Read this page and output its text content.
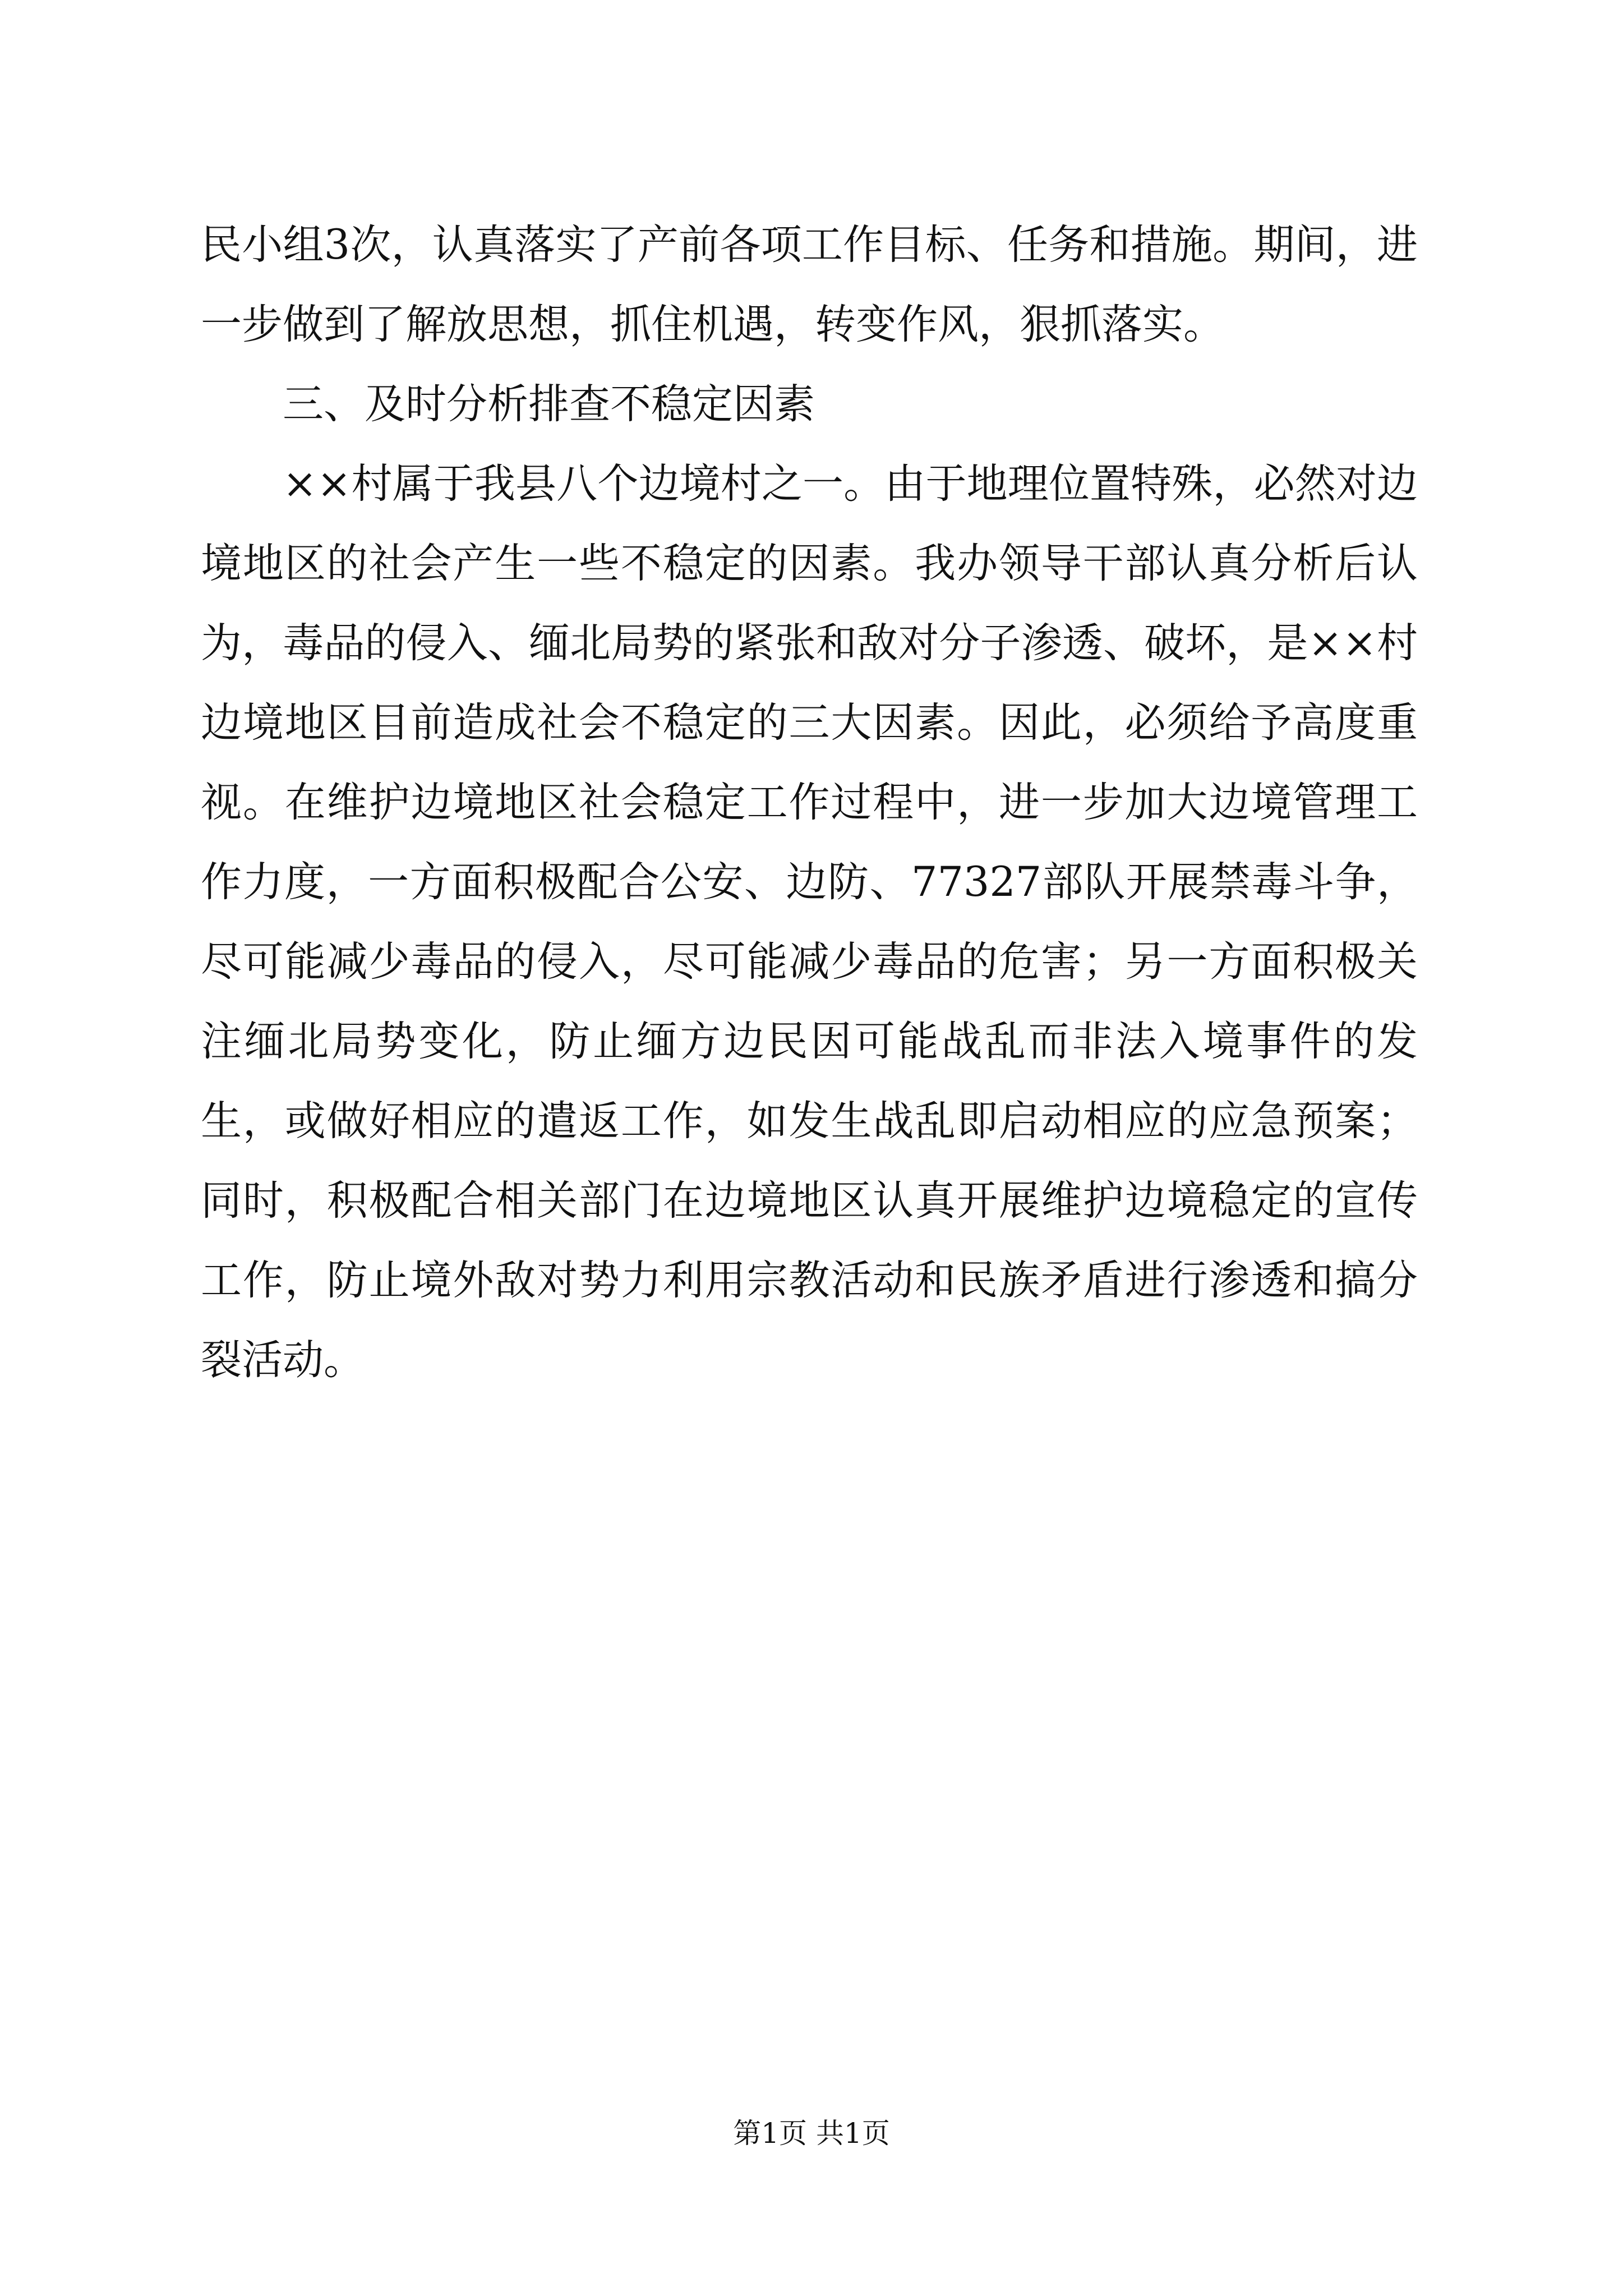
民小组3次，认真落实了产前各项工作目标、任务和措施。期间，进一步做到了解放思想，抓住机遇，转变作风，狠抓落实。

三、及时分析排查不稳定因素

××村属于我县八个边境村之一。由于地理位置特殊，必然对边境地区的社会产生一些不稳定的因素。我办领导干部认真分析后认为，毒品的侵入、缅北局势的紧张和敌对分子渗透、破坏，是××村边境地区目前造成社会不稳定的三大因素。因此，必须给予高度重视。在维护边境地区社会稳定工作过程中，进一步加大边境管理工作力度，一方面积极配合公安、边防、77327部队开展禁毒斗争，尽可能减少毒品的侵入，尽可能减少毒品的危害；另一方面积极关注缅北局势变化，防止缅方边民因可能战乱而非法入境事件的发生，或做好相应的遣返工作，如发生战乱即启动相应的应急预案；同时，积极配合相关部门在边境地区认真开展维护边境稳定的宣传工作，防止境外敌对势力利用宗教活动和民族矛盾进行渗透和搞分裂活动。

第1页 共1页
